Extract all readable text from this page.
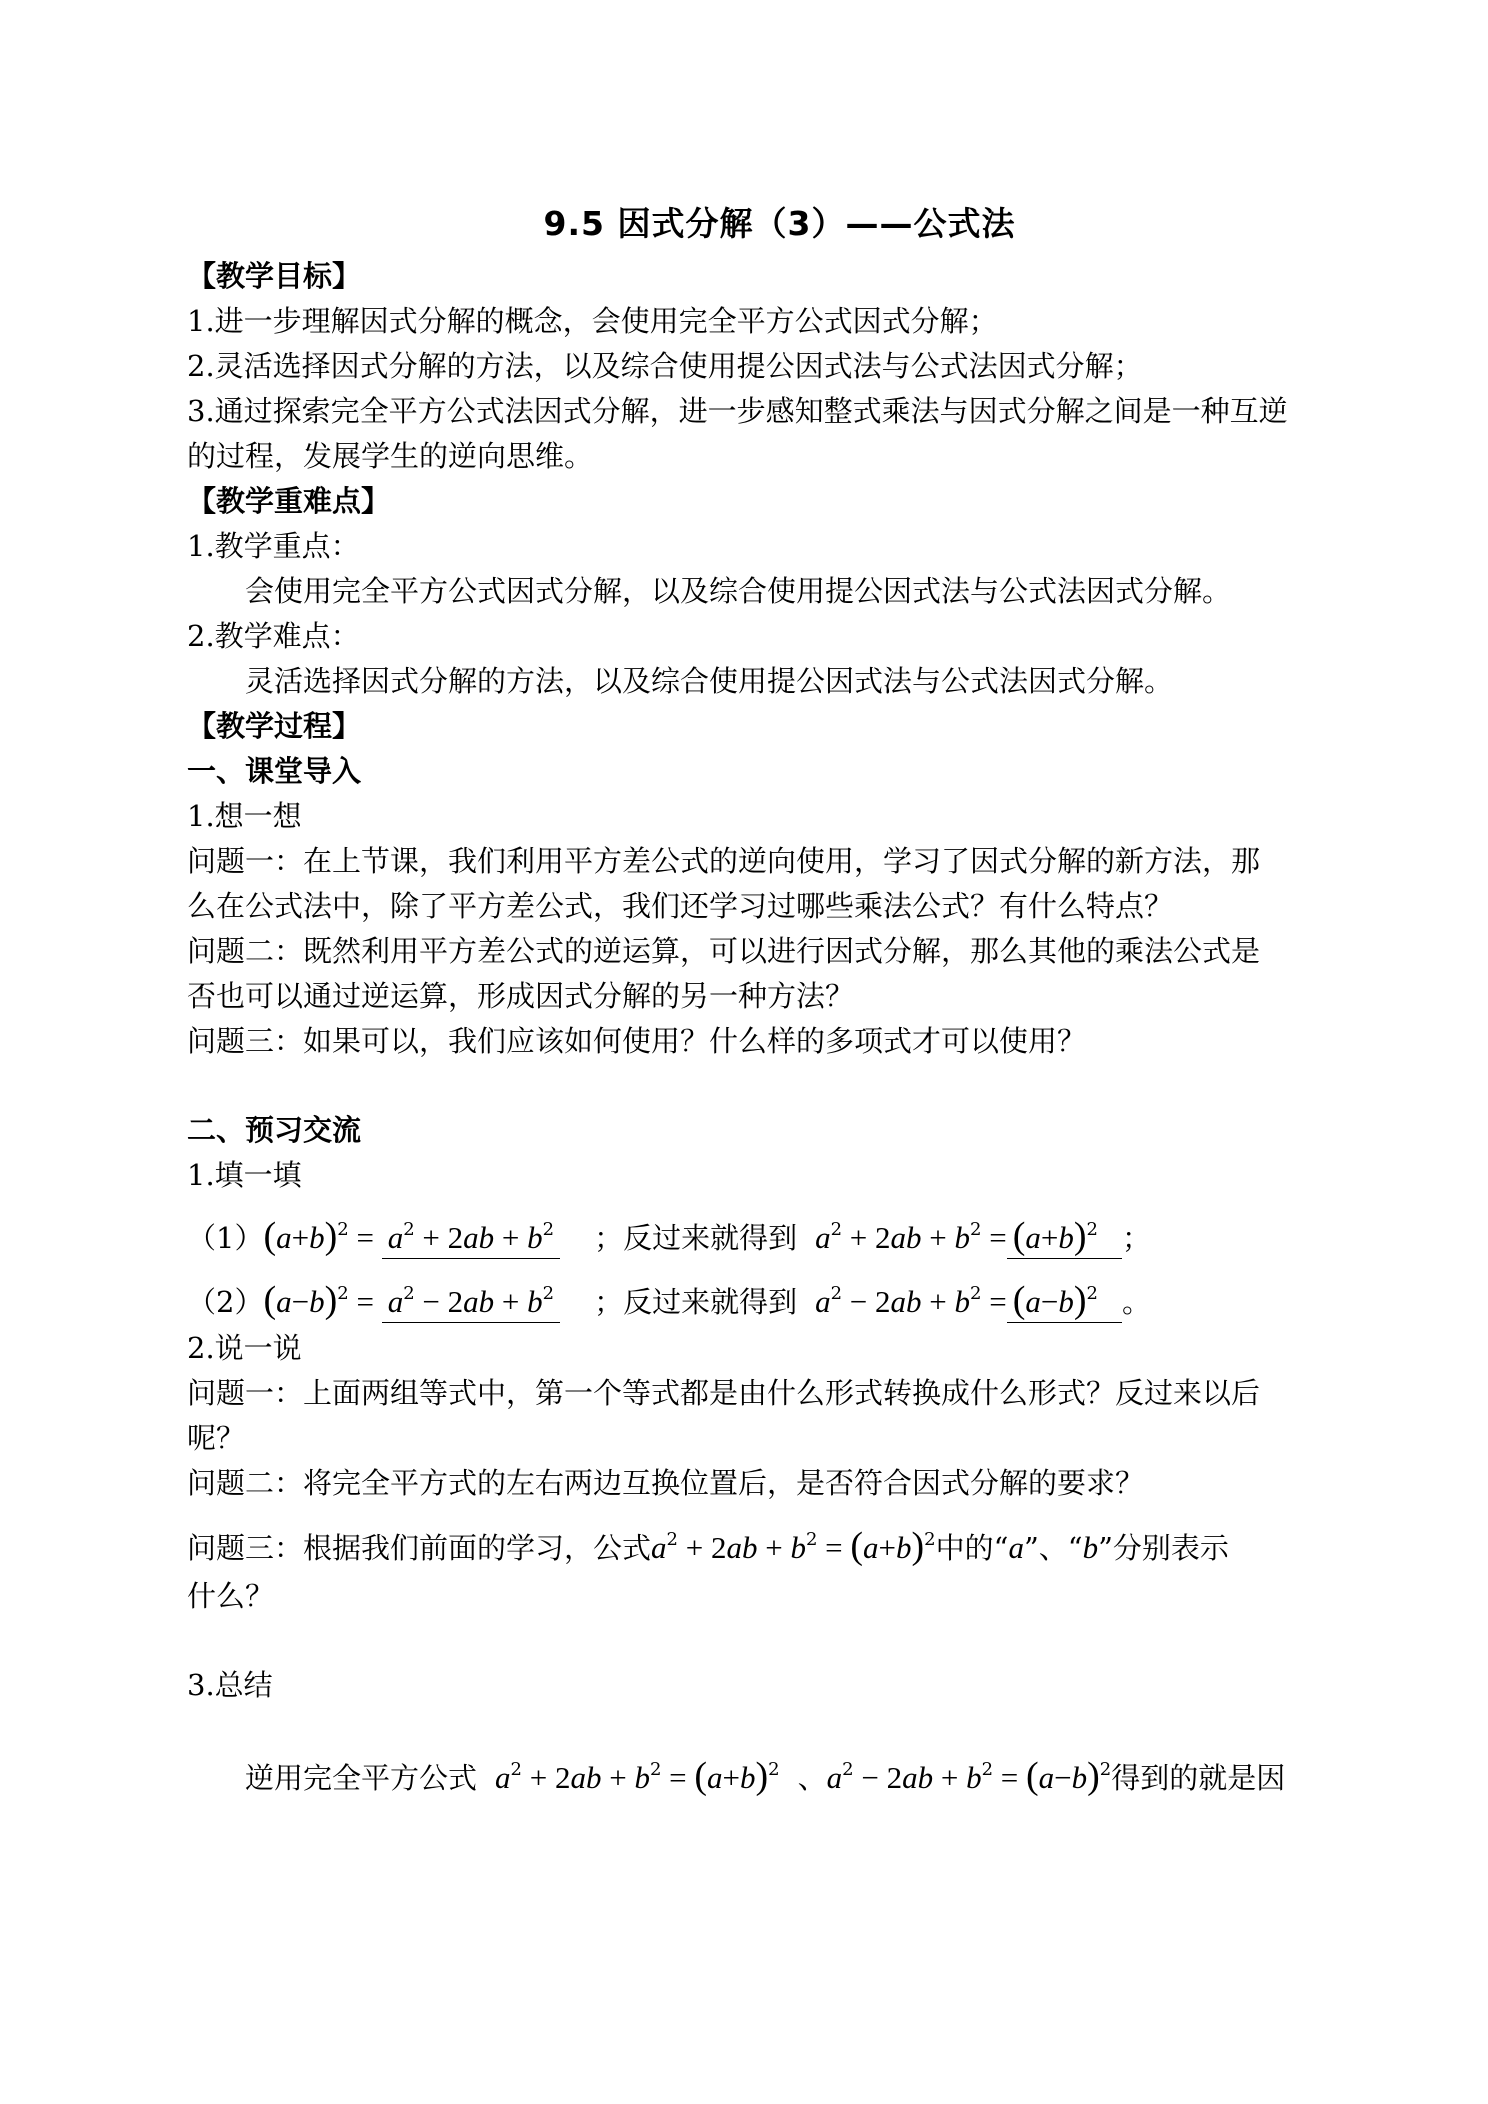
9.5 因式分解（3）——公式法
【教学目标】
1.进一步理解因式分解的概念，会使用完全平方公式因式分解；
2.灵活选择因式分解的方法，以及综合使用提公因式法与公式法因式分解；
3.通过探索完全平方公式法因式分解，进一步感知整式乘法与因式分解之间是一种互逆
的过程，发展学生的逆向思维。
【教学重难点】
1.教学重点：
会使用完全平方公式因式分解，以及综合使用提公因式法与公式法因式分解。
2.教学难点：
灵活选择因式分解的方法，以及综合使用提公因式法与公式法因式分解。
【教学过程】
一、课堂导入
1.想一想
问题一：在上节课，我们利用平方差公式的逆向使用，学习了因式分解的新方法，那
么在公式法中，除了平方差公式，我们还学习过哪些乘法公式？有什么特点？
问题二：既然利用平方差公式的逆运算，可以进行因式分解，那么其他的乘法公式是
否也可以通过逆运算，形成因式分解的另一种方法？
问题三：如果可以，我们应该如何使用？什么样的多项式才可以使用？
二、预习交流
1.填一填
$(1)(a+b)^2 = a^2 + 2ab + b^2$ ；反过来就得到 $a^2 + 2ab + b^2 = (a+b)^2$ ；
$(2)(a-b)^2 = a^2 - 2ab + b^2$ ；反过来就得到 $a^2 - 2ab + b^2 = (a-b)^2$ 。
2.说一说
问题一：上面两组等式中，第一个等式都是由什么形式转换成什么形式？反过来以后
呢？
问题二：将完全平方式的左右两边互换位置后，是否符合因式分解的要求？
问题三：根据我们前面的学习，公式$a^2 + 2ab + b^2 = (a+b)^2$中的“a”、“b”分别表示
什么？
3.总结
逆用完全平方公式 $a^2 + 2ab + b^2 = (a+b)^2$ 、$a^2 - 2ab + b^2 = (a-b)^2$得到的就是因
